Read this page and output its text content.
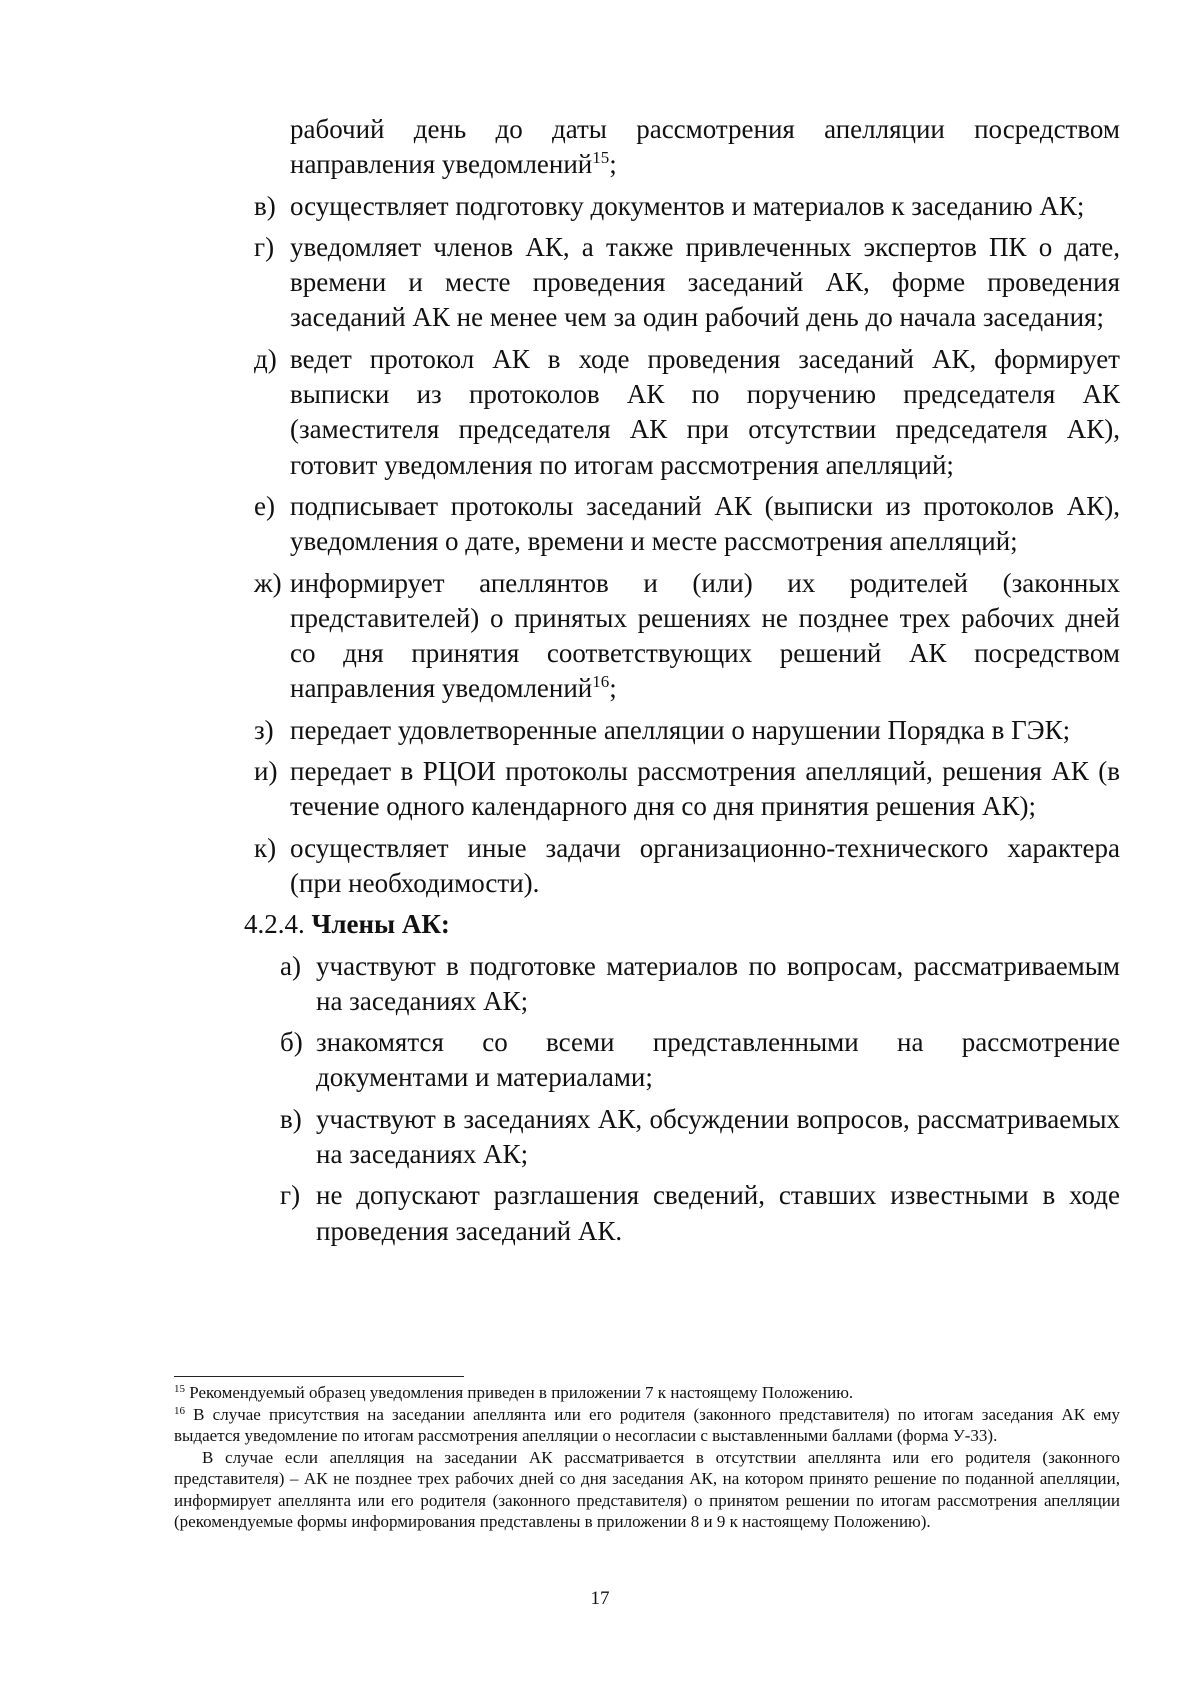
рабочий день до даты рассмотрения апелляции посредством направления уведомлений$^{15}$;

в) осуществляет подготовку документов и материалов к заседанию АК;
г) уведомляет членов АК, а также привлеченных экспертов ПК о дате, времени и месте проведения заседаний АК, форме проведения заседаний АК не менее чем за один рабочий день до начала заседания;
д) ведет протокол АК в ходе проведения заседаний АК, формирует выписки из протоколов АК по поручению председателя АК (заместителя председателя АК при отсутствии председателя АК), готовит уведомления по итогам рассмотрения апелляций;
е) подписывает протоколы заседаний АК (выписки из протоколов АК), уведомления о дате, времени и месте рассмотрения апелляций;
ж) информирует апеллянтов и (или) их родителей (законных представителей) о принятых решениях не позднее трех рабочих дней со дня принятия соответствующих решений АК посредством направления уведомлений$^{16}$;
з) передает удовлетворенные апелляции о нарушении Порядка в ГЭК;
и) передает в РЦОИ протоколы рассмотрения апелляций, решения АК (в течение одного календарного дня со дня принятия решения АК);
к) осуществляет иные задачи организационно-технического характера (при необходимости).
4.2.4. Члены АК:
а) участвуют в подготовке материалов по вопросам, рассматриваемым на заседаниях АК;
б) знакомятся со всеми представленными на рассмотрение документами и материалами;
в) участвуют в заседаниях АК, обсуждении вопросов, рассматриваемых на заседаниях АК;
г) не допускают разглашения сведений, ставших известными в ходе проведения заседаний АК.

$^{15}$ Рекомендуемый образец уведомления приведен в приложении 7 к настоящему Положению.

$^{16}$ В случае присутствия на заседании апеллянта или его родителя (законного представителя) по итогам заседания АК ему выдается уведомление по итогам рассмотрения апелляции о несогласии с выставленными баллами (форма У-33).

В случае если апелляция на заседании АК рассматривается в отсутствии апеллянта или его родителя (законного представителя) – АК не позднее трех рабочих дней со дня заседания АК, на котором принято решение по поданной апелляции, информирует апеллянта или его родителя (законного представителя) о принятом решении по итогам рассмотрения апелляции (рекомендуемые формы информирования представлены в приложении 8 и 9 к настоящему Положению).

17
